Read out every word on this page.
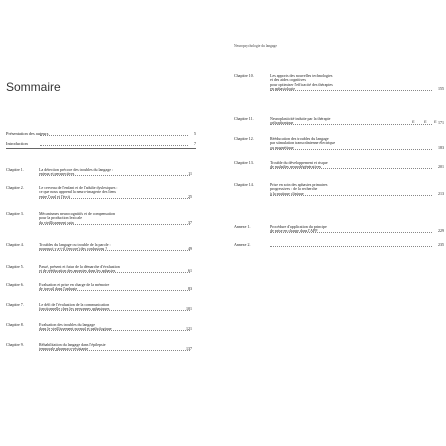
Sommaire
Présentation des auteurs	5
Introduction	7
Chapitre 1.	La détection précoce des troubles du langage :
enjeux et perspectives	11
Chapitre 2.	Le cerveau de l'enfant et de l'adulte dyslexiques :
ce que nous apprend la neuro-imagerie des liens
entre l'oral et l'écrit	25
Chapitre 3.	Mécanismes neurocognitifs et de compensation
pour la production lexicale
du vieillissement sain	37
Chapitre 4.	Troubles du langage ou trouble de la parole :
pourquoi y a-t-il (encore) des confusions ?	49
Chapitre 5.	Passé, présent et futur de la démarche d'évaluation
et de rééducation des anomies dans les aphasies	61
Chapitre 6.	Évaluation et prise en charge de la mémoire
de travail dans l'aphasie	83
Chapitre 7.	Le défi de l'évaluation de la communication
fonctionnelle chez les personnes aphasiques	101
Chapitre 8.	Évaluation des troubles du langage
dans le vieillissement normal et pathologique	121
Chapitre 9.	Réhabilitation du langage dans l'épilepsie
temporale pharmaco-résistante	137
Neuropsychologie du langage
Chapitre 10.	Les apports des nouvelles technologies
et des aides cognitives
pour optimiser l'efficacité des thérapies
en aphasiologie	155
Chapitre 11.	Neuroplasticité induite par la thérapie
orthophonique	171
Chapitre 12.	Rééducation des troubles du langage
par stimulation transcrânienne électrique
ou magnétique	183
Chapitre 13.	Trouble du développement et risque
de maladies neurodégénératives	201
Chapitre 14.	Prise en soin des aphasies primaires
progressives : de la recherche
à la pratique clinique	213
Annexe 1.	Procédure d'application du principe
de prise en charge dans l'APP	229
Annexe 2.	235
E E E
